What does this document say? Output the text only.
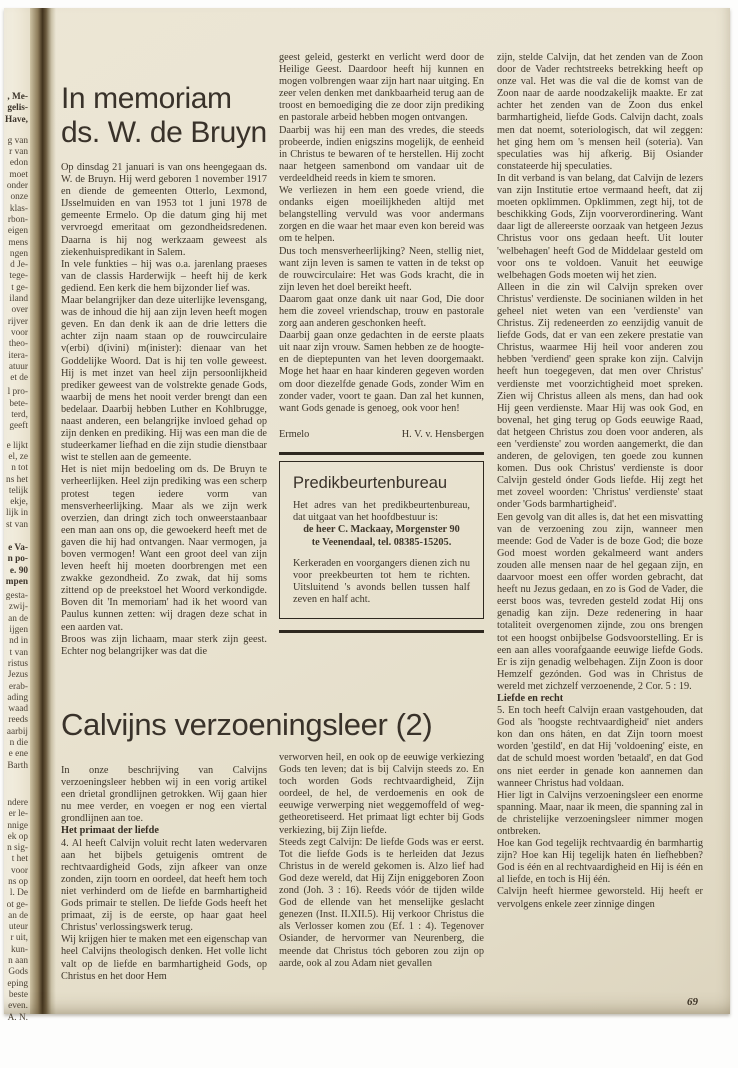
, Me-
gelis-
Have,
g van
r van
edon
moet
onder
onze
klas-
rbon-
eigen
mens
ngen
d Je-
tege-
t ge-
iland
over
rijver
voor
theo-
itera-
atuur
et de
l pro-
bete-
terd,
geeft
e lijkt
el, ze
n tot
ns het
telijk
ekje,
lijk in
st van
e Va-
n po-
e. 90
mpen
gesta-
zwij-
an de
ijgen
nd in
t van
ristus
Jezus
erab-
ading
waad
reeds
aarbij
n die
e ene
Barth
ndere
er le-
nnige
ek op
n sig-
t het
voor
ns op
l. De
ot ge-
an de
uteur
r uit,
kun-
n aan
Gods
eping
beste
even.
A. N.
In memoriam
ds. W. de Bruyn

Op dinsdag 21 januari is van ons heengegaan ds. W. de Bruyn. Hij werd geboren 1 november 1917 en diende de gemeenten Otterlo, Lexmond, IJsselmuiden en van 1953 tot 1 juni 1978 de gemeente Ermelo. Op die datum ging hij met vervroegd emeritaat om gezondheidsredenen. Daarna is hij nog werkzaam geweest als ziekenhuispredikant in Salem.

In vele funkties – hij was o.a. jarenlang praeses van de classis Harderwijk – heeft hij de kerk gediend. Een kerk die hem bijzonder lief was.

Maar belangrijker dan deze uiterlijke levensgang, was de inhoud die hij aan zijn leven heeft mogen geven. En dan denk ik aan de drie letters die achter zijn naam staan op de rouwcirculaire v(erbi) d(ivini) m(inister): dienaar van het Goddelijke Woord. Dat is hij ten volle geweest. Hij is met inzet van heel zijn persoonlijkheid prediker geweest van de volstrekte genade Gods, waarbij de mens het nooit verder brengt dan een bedelaar. Daarbij hebben Luther en Kohlbrugge, naast anderen, een belangrijke invloed gehad op zijn denken en prediking. Hij was een man die de studeerkamer liefhad en die zijn studie dienstbaar wist te stellen aan de gemeente.

Het is niet mijn bedoeling om ds. De Bruyn te verheerlijken. Heel zijn prediking was een scherp protest tegen iedere vorm van mensverheerlijking. Maar als we zijn werk overzien, dan dringt zich toch onweerstaanbaar een man aan ons op, die gewoekerd heeft met de gaven die hij had ontvangen. Naar vermogen, ja boven vermogen! Want een groot deel van zijn leven heeft hij moeten doorbrengen met een zwakke gezondheid. Zo zwak, dat hij soms zittend op de preekstoel het Woord verkondigde. Boven dit 'In memoriam' had ik het woord van Paulus kunnen zetten: wij dragen deze schat in een aarden vat.

Broos was zijn lichaam, maar sterk zijn geest. Echter nog belangrijker was dat die

geest geleid, gesterkt en verlicht werd door de Heilige Geest. Daardoor heeft hij kunnen en mogen volbrengen waar zijn hart naar uitging. En zeer velen denken met dankbaarheid terug aan de troost en bemoediging die ze door zijn prediking en pastorale arbeid hebben mogen ontvangen.

Daarbij was hij een man des vredes, die steeds probeerde, indien enigszins mogelijk, de eenheid in Christus te bewaren of te herstellen. Hij zocht naar hetgeen samenbond om vandaar uit de verdeeldheid reeds in kiem te smoren.

We verliezen in hem een goede vriend, die ondanks eigen moeilijkheden altijd met belangstelling vervuld was voor andermans zorgen en die waar het maar even kon bereid was om te helpen.

Dus toch mensverheerlijking? Neen, stellig niet, want zijn leven is samen te vatten in de tekst op de rouwcirculaire: Het was Gods kracht, die in zijn leven het doel bereikt heeft.

Daarom gaat onze dank uit naar God, Die door hem die zoveel vriendschap, trouw en pastorale zorg aan anderen geschonken heeft.

Daarbij gaan onze gedachten in de eerste plaats uit naar zijn vrouw. Samen hebben ze de hoogte- en de dieptepunten van het leven doorgemaakt. Moge het haar en haar kinderen gegeven worden om door diezelfde genade Gods, zonder Wim en zonder vader, voort te gaan. Dan zal het kunnen, want Gods genade is genoeg, ook voor hen!

Ermelo	H. V. v. Hensbergen
Predikbeurtenbureau

Het adres van het predikbeurtenbureau, dat uitgaat van het hoofdbestuur is:

de heer C. Mackaay, Morgenster 90
te Veenendaal, tel. 08385-15205.

Kerkeraden en voorgangers dienen zich nu voor preekbeurten tot hem te richten. Uitsluitend 's avonds bellen tussen half zeven en half acht.

Calvijns verzoeningsleer (2)

In onze beschrijving van Calvijns verzoeningsleer hebben wij in een vorig artikel een drietal grondlijnen getrokken. Wij gaan hier nu mee verder, en voegen er nog een viertal grondlijnen aan toe.

Het primaat der liefde

4. Al heeft Calvijn voluit recht laten wedervaren aan het bijbels getuigenis omtrent de rechtvaardigheid Gods, zijn afkeer van onze zonden, zijn toorn en oordeel, dat heeft hem toch niet verhinderd om de liefde en barmhartigheid Gods primair te stellen. De liefde Gods heeft het primaat, zij is de eerste, op haar gaat heel Christus' verlossingswerk terug.

Wij krijgen hier te maken met een eigenschap van heel Calvijns theologisch denken. Het volle licht valt op de liefde en barmhartigheid Gods, op Christus en het door Hem

verworven heil, en ook op de eeuwige verkiezing Gods ten leven; dat is bij Calvijn steeds zo. En toch worden Gods rechtvaardigheid, Zijn oordeel, de hel, de verdoemenis en ook de eeuwige verwerping niet weggemoffeld of weg-getheoretiseerd. Het primaat ligt echter bij Gods verkiezing, bij Zijn liefde.

Steeds zegt Calvijn: De liefde Gods was er eerst. Tot die liefde Gods is te herleiden dat Jezus Christus in de wereld gekomen is. Alzo lief had God deze wereld, dat Hij Zijn eniggeboren Zoon zond (Joh. 3 : 16). Reeds vóór de tijden wilde God de ellende van het menselijke geslacht genezen (Inst. II.XII.5). Hij verkoor Christus die als Verlosser komen zou (Ef. 1 : 4). Tegenover Osiander, de hervormer van Neurenberg, die meende dat Christus tóch geboren zou zijn op aarde, ook al zou Adam niet gevallen

zijn, stelde Calvijn, dat het zenden van de Zoon door de Vader rechtstreeks betrekking heeft op onze val. Het was die val die de komst van de Zoon naar de aarde noodzakelijk maakte. Er zat achter het zenden van de Zoon dus enkel barmhartigheid, liefde Gods. Calvijn dacht, zoals men dat noemt, soteriologisch, dat wil zeggen: het ging hem om 's mensen heil (soteria). Van speculaties was hij afkerig. Bij Osiander constateerde hij speculaties.

In dit verband is van belang, dat Calvijn de lezers van zijn Institutie ertoe vermaand heeft, dat zij moeten opklimmen. Opklimmen, zegt hij, tot de beschikking Gods, Zijn voorverordinering. Want daar ligt de allereerste oorzaak van hetgeen Jezus Christus voor ons gedaan heeft. Uit louter 'welbehagen' heeft God de Middelaar gesteld om voor ons te voldoen. Vanuit het eeuwige welbehagen Gods moeten wij het zien.

Alleen in die zin wil Calvijn spreken over Christus' verdienste. De socinianen wilden in het geheel niet weten van een 'verdienste' van Christus. Zij redeneerden zo eenzijdig vanuit de liefde Gods, dat er van een zekere prestatie van Christus, waarmee Hij heil voor anderen zou hebben 'verdiend' geen sprake kon zijn. Calvijn heeft hun toegegeven, dat men over Christus' verdienste met voorzichtigheid moet spreken. Zien wij Christus alleen als mens, dan had ook Hij geen verdienste. Maar Hij was ook God, en bovenal, het ging terug op Gods eeuwige Raad, dat hetgeen Christus zou doen voor anderen, als een 'verdienste' zou worden aangemerkt, die dan anderen, de gelovigen, ten goede zou kunnen komen. Dus ook Christus' verdienste is door Calvijn gesteld ónder Gods liefde. Hij zegt het met zoveel woorden: 'Christus' verdienste' staat onder 'Gods barmhartigheid'.

Een gevolg van dit alles is, dat het een misvatting van de verzoening zou zijn, wanneer men meende: God de Vader is de boze God; die boze God moest worden gekalmeerd want anders zouden alle mensen naar de hel gegaan zijn, en daarvoor moest een offer worden gebracht, dat heeft nu Jezus gedaan, en zo is God de Vader, die eerst boos was, tevreden gesteld zodat Hij ons genadig kan zijn. Deze redenering in haar totaliteit overgenomen zijnde, zou ons brengen tot een hoogst onbijbelse Godsvoorstelling. Er is een aan alles voorafgaande eeuwige liefde Gods. Er is zijn genadig welbehagen. Zijn Zoon is door Hemzelf gezónden. God was in Christus de wereld met zichzelf verzoenende, 2 Cor. 5 : 19.

Liefde en recht

5. En toch heeft Calvijn eraan vastgehouden, dat God als 'hoogste rechtvaardigheid' niet anders kon dan ons háten, en dat Zijn toorn moest worden 'gestild', en dat Hij 'voldoening' eiste, en dat de schuld moest worden 'betaald', en dat God ons niet eerder in genade kon aannemen dan wanneer Christus had voldaan.

Hier ligt in Calvijns verzoeningsleer een enorme spanning. Maar, naar ik meen, die spanning zal in de christelijke verzoeningsleer nimmer mogen ontbreken.

Hoe kan God tegelijk rechtvaardig én barmhartig zijn? Hoe kan Hij tegelijk haten én liefhebben? God is één en al rechtvaardigheid en Hij is één en al liefde, en toch is Hij één.

Calvijn heeft hiermee geworsteld. Hij heeft er vervolgens enkele zeer zinnige dingen

69
